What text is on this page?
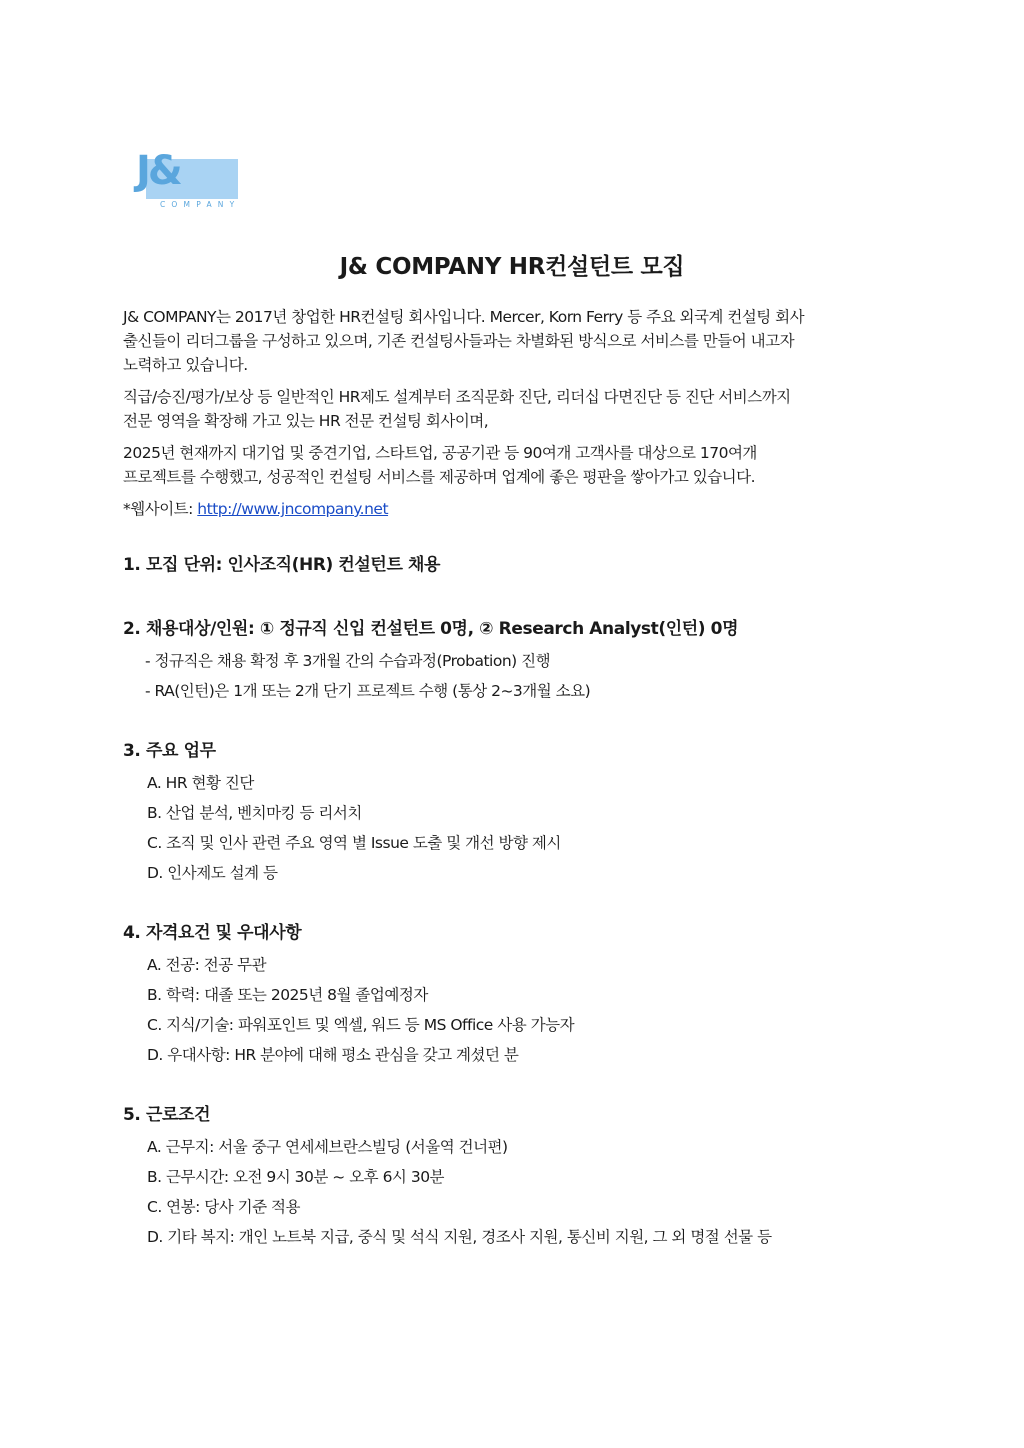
J&
COMPANY
J& COMPANY HR컨설턴트 모집

J& COMPANY는 2017년 창업한 HR컨설팅 회사입니다. Mercer, Korn Ferry 등 주요 외국계 컨설팅 회사
출신들이 리더그룹을 구성하고 있으며, 기존 컨설팅사들과는 차별화된 방식으로 서비스를 만들어 내고자
노력하고 있습니다.

직급/승진/평가/보상 등 일반적인 HR제도 설계부터 조직문화 진단, 리더십 다면진단 등 진단 서비스까지
전문 영역을 확장해 가고 있는 HR 전문 컨설팅 회사이며,

2025년 현재까지 대기업 및 중견기업, 스타트업, 공공기관 등 90여개 고객사를 대상으로 170여개
프로젝트를 수행했고, 성공적인 컨설팅 서비스를 제공하며 업계에 좋은 평판을 쌓아가고 있습니다.

*웹사이트: http://www.jncompany.net

1. 모집 단위: 인사조직(HR) 컨설턴트 채용
2. 채용대상/인원: ① 정규직 신입 컨설턴트 0명, ② Research Analyst(인턴) 0명
- 정규직은 채용 확정 후 3개월 간의 수습과정(Probation) 진행
- RA(인턴)은 1개 또는 2개 단기 프로젝트 수행 (통상 2~3개월 소요)
3. 주요 업무
A. HR 현황 진단
B. 산업 분석, 벤치마킹 등 리서치
C. 조직 및 인사 관련 주요 영역 별 Issue 도출 및 개선 방향 제시
D. 인사제도 설계 등
4. 자격요건 및 우대사항
A. 전공: 전공 무관
B. 학력: 대졸 또는 2025년 8월 졸업예정자
C. 지식/기술: 파워포인트 및 엑셀, 워드 등 MS Office 사용 가능자
D. 우대사항: HR 분야에 대해 평소 관심을 갖고 계셨던 분
5. 근로조건
A. 근무지: 서울 중구 연세세브란스빌딩 (서울역 건너편)
B. 근무시간: 오전 9시 30분 ~ 오후 6시 30분
C. 연봉: 당사 기준 적용
D. 기타 복지: 개인 노트북 지급, 중식 및 석식 지원, 경조사 지원, 통신비 지원, 그 외 명절 선물 등
